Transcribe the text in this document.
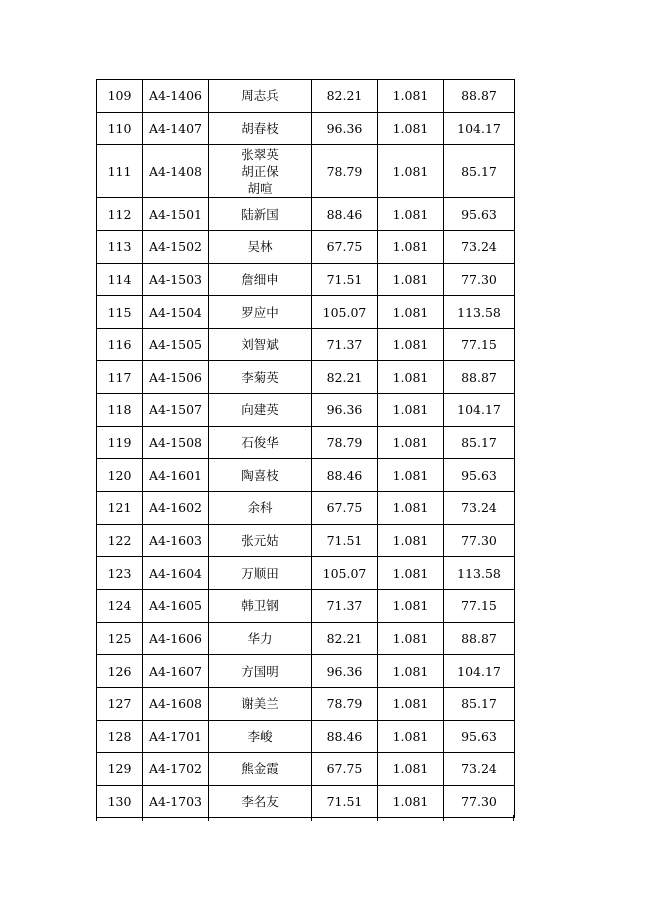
109	A4-1406	周志兵	82.21	1.081	88.87
110	A4-1407	胡春枝	96.36	1.081	104.17
111	A4-1408	张翠英
胡正保
胡喧	78.79	1.081	85.17
112	A4-1501	陆新国	88.46	1.081	95.63
113	A4-1502	吴林	67.75	1.081	73.24
114	A4-1503	詹细申	71.51	1.081	77.30
115	A4-1504	罗应中	105.07	1.081	113.58
116	A4-1505	刘智斌	71.37	1.081	77.15
117	A4-1506	李菊英	82.21	1.081	88.87
118	A4-1507	向建英	96.36	1.081	104.17
119	A4-1508	石俊华	78.79	1.081	85.17
120	A4-1601	陶喜枝	88.46	1.081	95.63
121	A4-1602	余科	67.75	1.081	73.24
122	A4-1603	张元姑	71.51	1.081	77.30
123	A4-1604	万顺田	105.07	1.081	113.58
124	A4-1605	韩卫钢	71.37	1.081	77.15
125	A4-1606	华力	82.21	1.081	88.87
126	A4-1607	方国明	96.36	1.081	104.17
127	A4-1608	谢美兰	78.79	1.081	85.17
128	A4-1701	李峻	88.46	1.081	95.63
129	A4-1702	熊金霞	67.75	1.081	73.24
130	A4-1703	李名友	71.51	1.081	77.30
